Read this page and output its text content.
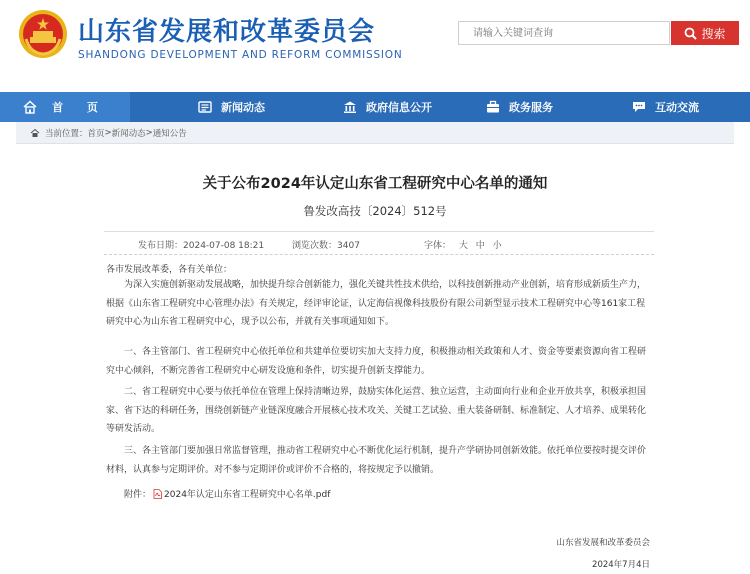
山东省发展和改革委员会
SHANDONG DEVELOPMENT AND REFORM COMMISSION
请输入关键词查询
搜索
首 页	新闻动态	政府信息公开	政务服务	互动交流
当前位置： 首页 > 新闻动态 > 通知公告
关于公布2024年认定山东省工程研究中心名单的通知
鲁发改高技〔2024〕512号
发布日期：2024-07-08 18:21	浏览次数：3407	字体： 大 中 小
各市发展改革委，各有关单位：

为深入实施创新驱动发展战略，加快提升综合创新能力，强化关键共性技术供给，以科技创新推动产业创新，培育形成新质生产力，根据《山东省工程研究中心管理办法》有关规定，经评审论证，认定海信视像科技股份有限公司新型显示技术工程研究中心等161家工程研究中心为山东省工程研究中心，现予以公布，并就有关事项通知如下。

一、各主管部门、省工程研究中心依托单位和共建单位要切实加大支持力度，积极推动相关政策和人才、资金等要素资源向省工程研究中心倾斜，不断完善省工程研究中心研发设施和条件，切实提升创新支撑能力。

二、省工程研究中心要与依托单位在管理上保持清晰边界，鼓励实体化运营、独立运营，主动面向行业和企业开放共享，积极承担国家、省下达的科研任务，围绕创新链产业链深度融合开展核心技术攻关、关键工艺试验、重大装备研制、标准制定、人才培养、成果转化等研发活动。

三、各主管部门要加强日常监督管理，推动省工程研究中心不断优化运行机制，提升产学研协同创新效能。依托单位要按时提交评价材料，认真参与定期评价。对不参与定期评价或评价不合格的，将按规定予以撤销。

附件： 2024年认定山东省工程研究中心名单.pdf
山东省发展和改革委员会
2024年7月4日
